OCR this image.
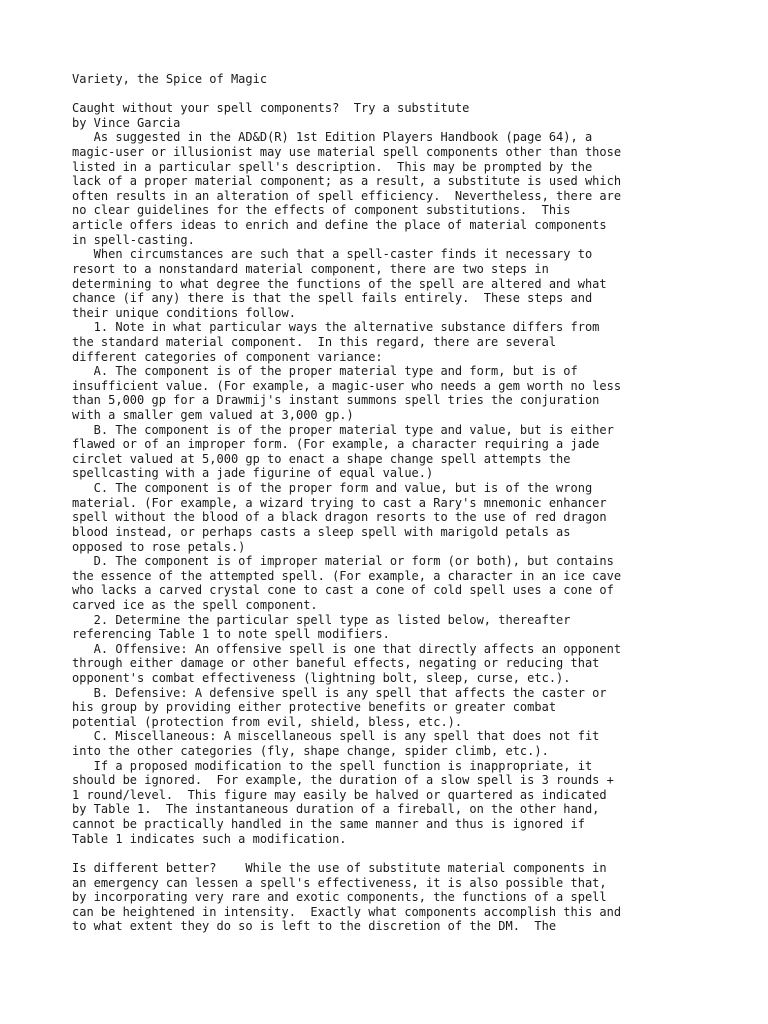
Variety, the Spice of Magic
Caught without your spell components?  Try a substitute
by Vince Garcia
As suggested in the AD&D(R) 1st Edition Players Handbook (page 64), a
magic-user or illusionist may use material spell components other than those
listed in a particular spell's description.  This may be prompted by the
lack of a proper material component; as a result, a substitute is used which
often results in an alteration of spell efficiency.  Nevertheless, there are
no clear guidelines for the effects of component substitutions.  This
article offers ideas to enrich and define the place of material components
in spell-casting.
When circumstances are such that a spell-caster finds it necessary to
resort to a nonstandard material component, there are two steps in
determining to what degree the functions of the spell are altered and what
chance (if any) there is that the spell fails entirely.  These steps and
their unique conditions follow.
1. Note in what particular ways the alternative substance differs from
the standard material component.  In this regard, there are several
different categories of component variance:
A. The component is of the proper material type and form, but is of
insufficient value. (For example, a magic-user who needs a gem worth no less
than 5,000 gp for a Drawmij's instant summons spell tries the conjuration
with a smaller gem valued at 3,000 gp.)
B. The component is of the proper material type and value, but is either
flawed or of an improper form. (For example, a character requiring a jade
circlet valued at 5,000 gp to enact a shape change spell attempts the
spellcasting with a jade figurine of equal value.)
C. The component is of the proper form and value, but is of the wrong
material. (For example, a wizard trying to cast a Rary's mnemonic enhancer
spell without the blood of a black dragon resorts to the use of red dragon
blood instead, or perhaps casts a sleep spell with marigold petals as
opposed to rose petals.)
D. The component is of improper material or form (or both), but contains
the essence of the attempted spell. (For example, a character in an ice cave
who lacks a carved crystal cone to cast a cone of cold spell uses a cone of
carved ice as the spell component.
2. Determine the particular spell type as listed below, thereafter
referencing Table 1 to note spell modifiers.
A. Offensive: An offensive spell is one that directly affects an opponent
through either damage or other baneful effects, negating or reducing that
opponent's combat effectiveness (lightning bolt, sleep, curse, etc.).
B. Defensive: A defensive spell is any spell that affects the caster or
his group by providing either protective benefits or greater combat
potential (protection from evil, shield, bless, etc.).
C. Miscellaneous: A miscellaneous spell is any spell that does not fit
into the other categories (fly, shape change, spider climb, etc.).
If a proposed modification to the spell function is inappropriate, it
should be ignored.  For example, the duration of a slow spell is 3 rounds +
1 round/level.  This figure may easily be halved or quartered as indicated
by Table 1.  The instantaneous duration of a fireball, on the other hand,
cannot be practically handled in the same manner and thus is ignored if
Table 1 indicates such a modification.
Is different better?    While the use of substitute material components in
an emergency can lessen a spell's effectiveness, it is also possible that,
by incorporating very rare and exotic components, the functions of a spell
can be heightened in intensity.  Exactly what components accomplish this and
to what extent they do so is left to the discretion of the DM.  The
